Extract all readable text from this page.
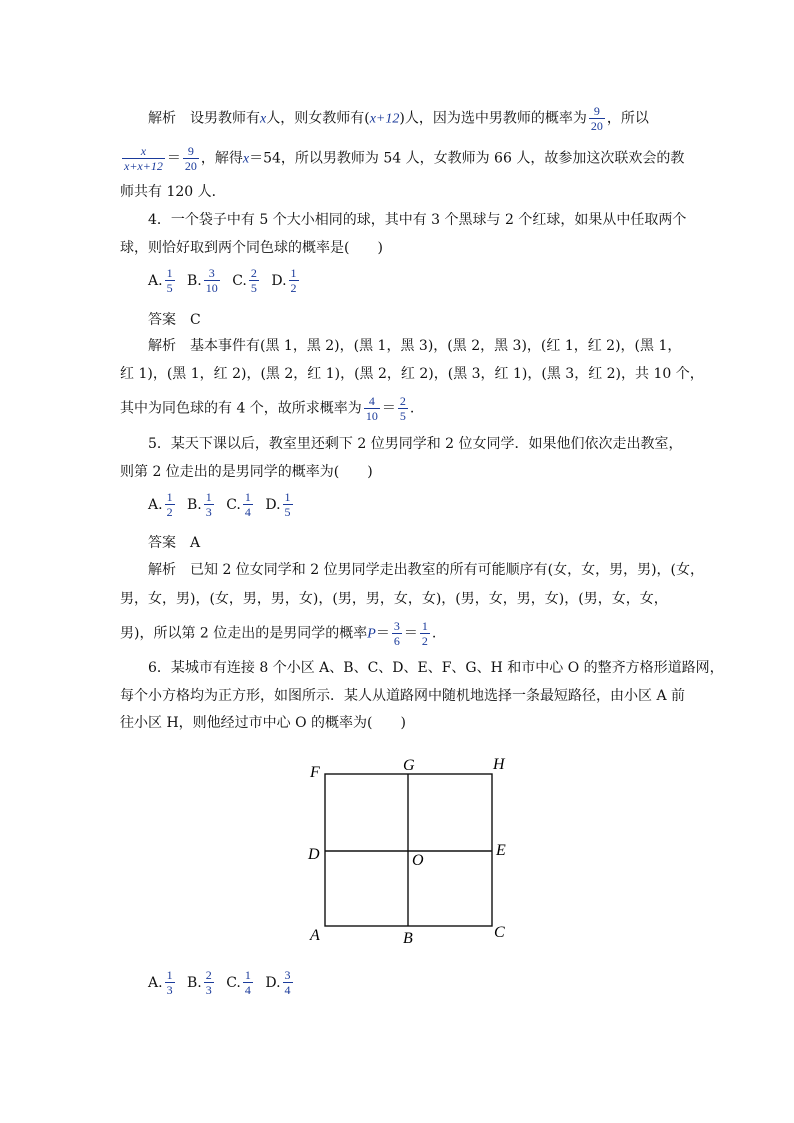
解析　设男教师有x人，则女教师有(x+12)人，因为选中男教师的概率为 $\frac{9}{20}$ ，所以
$\frac{x}{x+x+12} = \frac{9}{20}$ ，解得x＝54，所以男教师为 54 人，女教师为 66 人，故参加这次联欢会的教
师共有 120 人．
4．一个袋子中有 5 个大小相同的球，其中有 3 个黑球与 2 个红球，如果从中任取两个
球，则恰好取到两个同色球的概率是(　　)
A. $\frac{1}{5} B$. $\frac{3}{10} C$. $\frac{2}{5} D$. $\frac{1}{2}$
答案　C
解析　基本事件有(黑 1，黑 2)，(黑 1，黑 3)，(黑 2，黑 3)，(红 1，红 2)，(黑 1，
红 1)，(黑 1，红 2)，(黑 2，红 1)，(黑 2，红 2)，(黑 3，红 1)，(黑 3，红 2)，共 10 个，
其中为同色球的有 4 个，故所求概率为 $\frac{4}{10} = \frac{2}{5}$ .
5．某天下课以后，教室里还剩下 2 位男同学和 2 位女同学．如果他们依次走出教室，
则第 2 位走出的是男同学的概率为(　　)
A. $\frac{1}{2} B$. $\frac{1}{3} C$. $\frac{1}{4} D$. $\frac{1}{5}$
答案　A
解析　已知 2 位女同学和 2 位男同学走出教室的所有可能顺序有(女，女，男，男)，(女，
男，女，男)，(女，男，男，女)，(男，男，女，女)，(男，女，男，女)，(男，女，女，
男)，所以第 2 位走出的是男同学的概率$P= \frac{3}{6} = \frac{1}{2}$ .
6．某城市有连接 8 个小区 A、B、C、D、E、F、G、H 和市中心 O 的整齐方格形道路网，
每个小方格均为正方形，如图所示．某人从道路网中随机地选择一条最短路径，由小区 A 前
往小区 H，则他经过市中心 O 的概率为(　　)
F	G	H
D	O
E
A	B	C
A. $\frac{1}{3} B$. $\frac{2}{3} C$. $\frac{1}{4} D$. $\frac{3}{4}$
